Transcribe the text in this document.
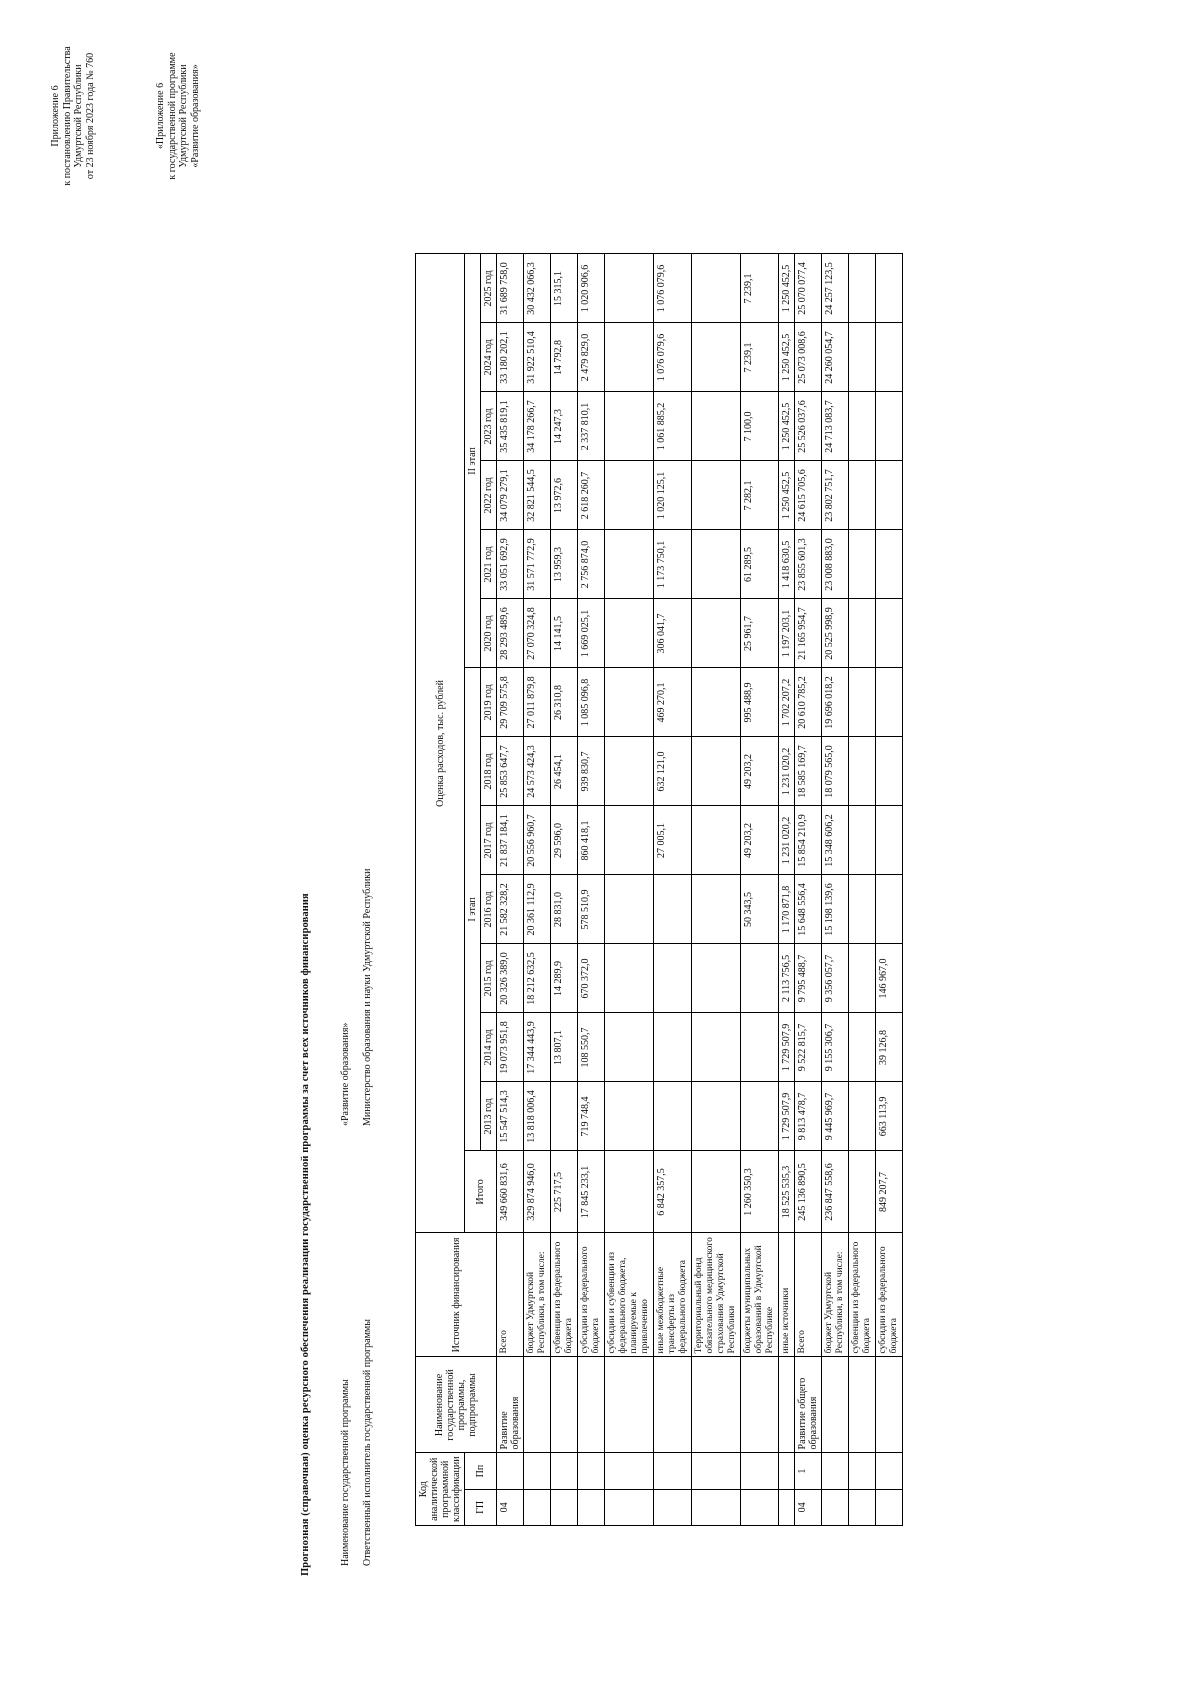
Приложение 6 к постановлению Правительства Удмуртской Республики от 23 ноября 2023 года № 760	«Приложение 6 к государственной программе Удмуртской Республики «Развитие образования»
Прогнозная (справочная) оценка ресурсного обеспечения реализации государственной программы за счет всех источников финансирования	Наименование государственной программы
«Развитие образования»
Ответственный исполнитель государственной программы
Министерство образования и науки Удмуртской Республики
Код аналитической программной классификации		Наименование государственной программы, подпрограммы	Источник финансирования	Оценка расходов, тыс. рублей													
ГП	Пп			Итого	I этап							II этап					
					2013 год	2014 год	2015 год	2016 год	2017 год	2018 год	2019 год	2020 год	2021 год	2022 год	2023 год	2024 год	2025 год
04		Развитие образования	Всего	349 660 831,6	15 547 514,3	19 073 951,8	20 326 389,0	21 582 328,2	21 837 184,1	25 853 647,7	29 709 575,8	28 293 489,6	33 051 692,9	34 079 279,1	35 435 819,1	33 180 202,1	31 689 758,0
			бюджет Удмуртской Республики, в том числе:	329 874 946,0	13 818 006,4	17 344 443,9	18 212 632,5	20 361 112,9	20 556 960,7	24 573 424,3	27 011 879,8	27 070 324,8	31 571 772,9	32 821 544,5	34 178 266,7	31 922 510,4	30 432 066,3
			субвенции из федерального бюджета	225 717,5		13 807,1	14 289,9	28 831,0	29 596,0	26 454,1	26 310,8	14 141,5	13 959,3	13 972,6	14 247,3	14 792,8	15 315,1
			субсидии из федерального бюджета	17 845 233,1	719 748,4	108 550,7	670 372,0	578 510,9	860 418,1	939 830,7	1 085 096,8	1 669 025,1	2 756 874,0	2 618 260,7	2 337 810,1	2 479 829,0	1 020 906,6
			субсидии и субвенции из федерального бюджета, планируемые к привлечению														
			иные межбюджетные трансферты из федерального бюджета	6 842 357,5					27 005,1	632 121,0	469 270,1	306 041,7	1 173 750,1	1 020 125,1	1 061 885,2	1 076 079,6	1 076 079,6
			Территориальный фонд обязательного медицинского страхования Удмуртской Республики														
			бюджеты муниципальных образований в Удмуртской Республике	1 260 350,3				50 343,5	49 203,2	49 203,2	995 488,9	25 961,7	61 289,5	7 282,1	7 100,0	7 239,1	7 239,1
			иные источники	18 525 535,3	1 729 507,9	1 729 507,9	2 113 756,5	1 170 871,8	1 231 020,2	1 231 020,2	1 702 207,2	1 197 203,1	1 418 630,5	1 250 452,5	1 250 452,5	1 250 452,5	1 250 452,5
04	1	Развитие общего образования	Всего	245 136 890,5	9 813 478,7	9 522 815,7	9 795 488,7	15 648 556,4	15 854 210,9	18 585 169,7	20 610 785,2	21 165 954,7	23 855 601,3	24 615 705,6	25 526 037,6	25 073 008,6	25 070 077,4
			бюджет Удмуртской Республики, в том числе:	236 847 558,6	9 445 969,7	9 155 306,7	9 356 057,7	15 198 139,6	15 348 606,2	18 079 565,0	19 696 018,2	20 525 998,9	23 008 883,0	23 802 751,7	24 713 083,7	24 260 054,7	24 257 123,5
			субвенции из федерального бюджета														
			субсидии из федерального бюджета	849 207,7	663 113,9	39 126,8	146 967,0										
